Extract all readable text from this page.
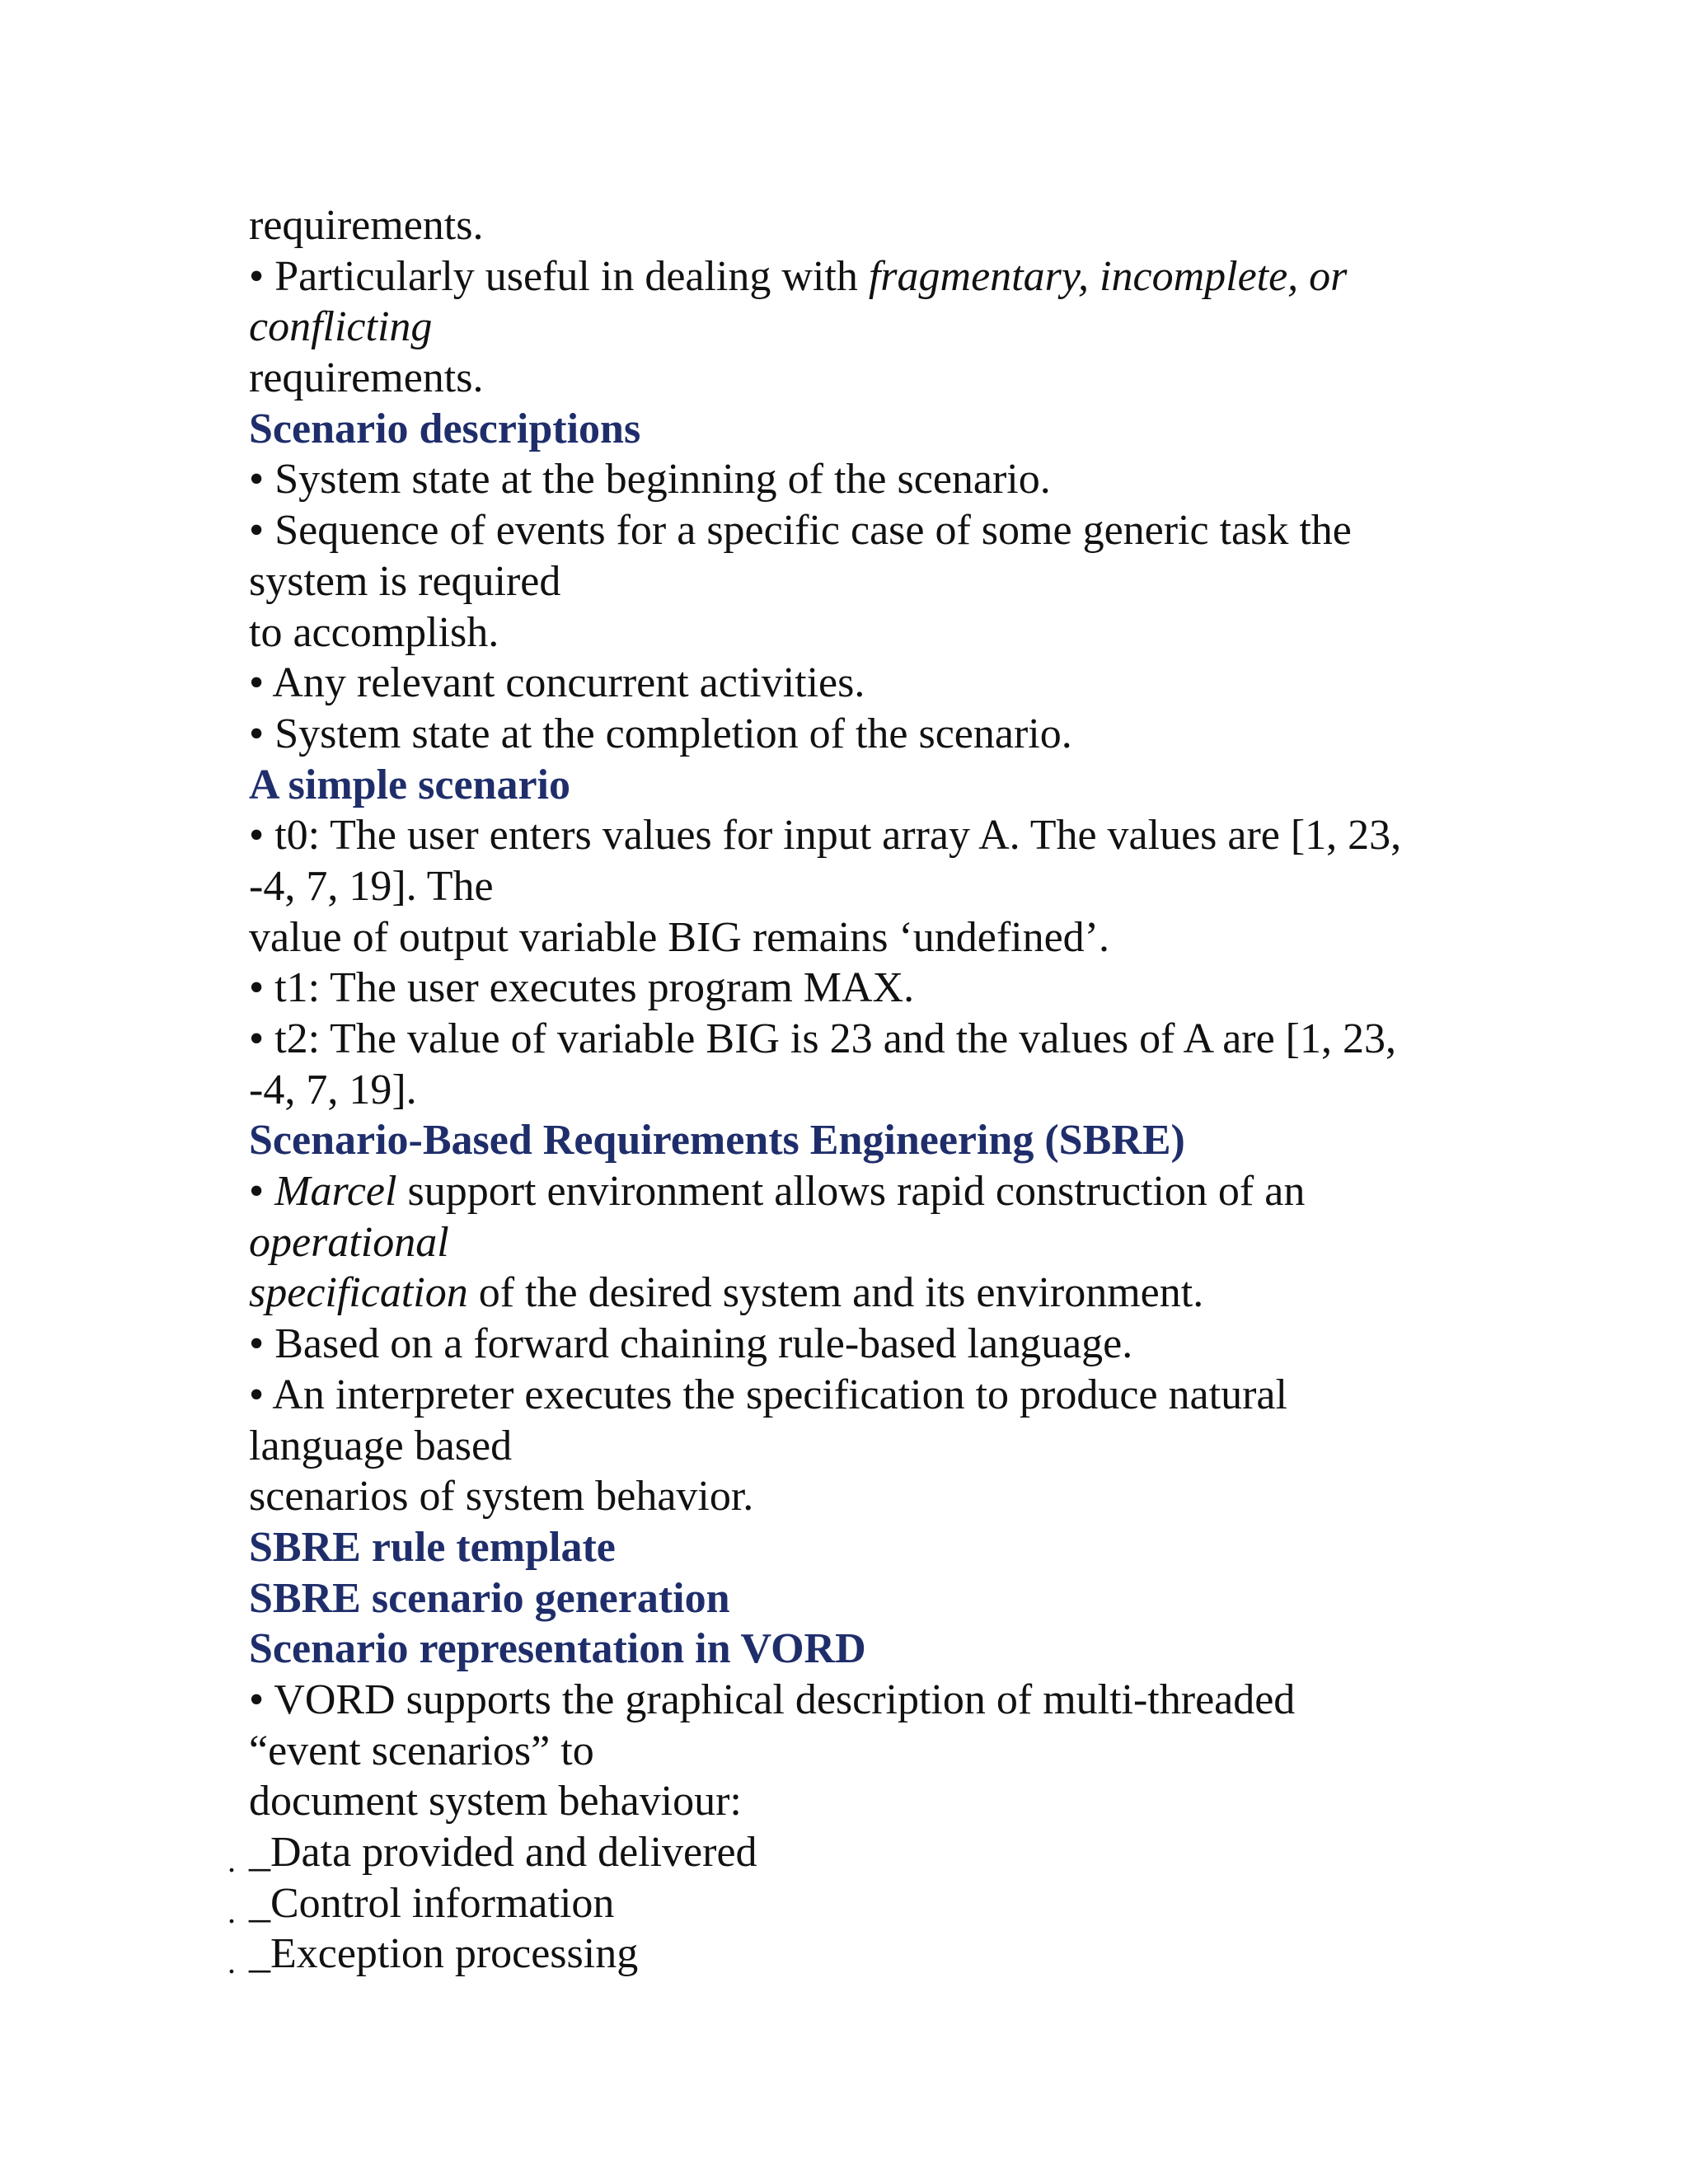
requirements.
• Particularly useful in dealing with fragmentary, incomplete, or
conflicting
requirements.
Scenario descriptions
• System state at the beginning of the scenario.
• Sequence of events for a specific case of some generic task the
system is required
to accomplish.
• Any relevant concurrent activities.
• System state at the completion of the scenario.
A simple scenario
• t0: The user enters values for input array A. The values are [1, 23,
-4, 7, 19]. The
value of output variable BIG remains ‘undefined’.
• t1: The user executes program MAX.
• t2: The value of variable BIG is 23 and the values of A are [1, 23,
-4, 7, 19].
Scenario-Based Requirements Engineering (SBRE)
• Marcel support environment allows rapid construction of an
operational
specification of the desired system and its environment.
• Based on a forward chaining rule-based language.
• An interpreter executes the specification to produce natural
language based
scenarios of system behavior.
SBRE rule template
SBRE scenario generation
Scenario representation in VORD
• VORD supports the graphical description of multi-threaded
“event scenarios” to
document system behaviour:
. _Data provided and delivered
. _Control information
. _Exception processing
